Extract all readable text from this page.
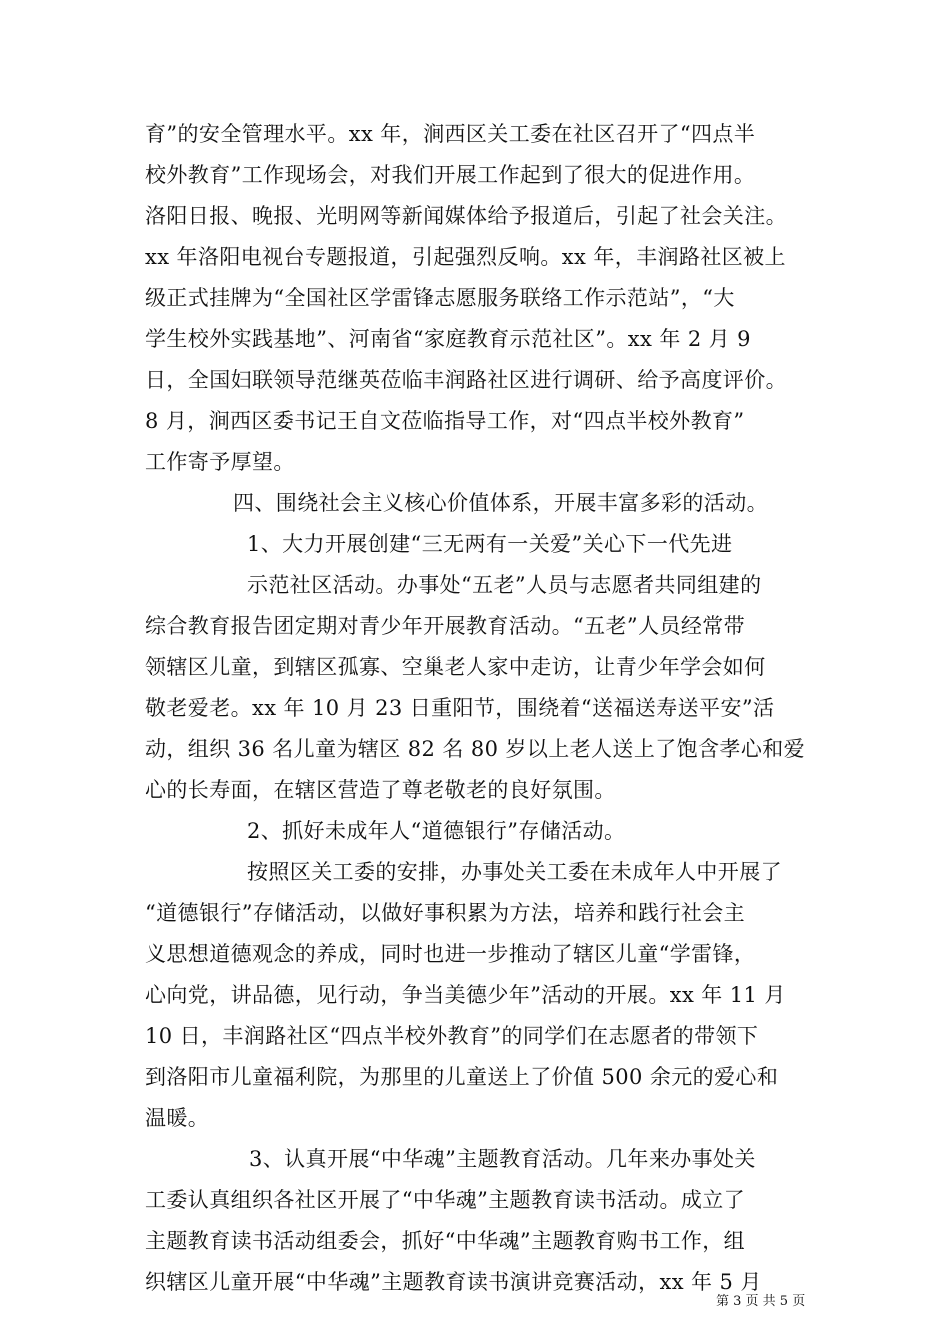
育”的安全管理水平。xx 年，涧西区关工委在社区召开了“四点半
校外教育”工作现场会，对我们开展工作起到了很大的促进作用。
洛阳日报、晚报、光明网等新闻媒体给予报道后，引起了社会关注。
xx 年洛阳电视台专题报道，引起强烈反响。xx 年，丰润路社区被上
级正式挂牌为“全国社区学雷锋志愿服务联络工作示范站”，“大
学生校外实践基地”、河南省“家庭教育示范社区”。xx 年 2 月 9
日，全国妇联领导范继英莅临丰润路社区进行调研、给予高度评价。
8 月，涧西区委书记王自文莅临指导工作，对“四点半校外教育”
工作寄予厚望。
四、围绕社会主义核心价值体系，开展丰富多彩的活动。
1、大力开展创建“三无两有一关爱”关心下一代先进
示范社区活动。办事处“五老”人员与志愿者共同组建的
综合教育报告团定期对青少年开展教育活动。“五老”人员经常带
领辖区儿童，到辖区孤寡、空巢老人家中走访，让青少年学会如何
敬老爱老。xx 年 10 月 23 日重阳节，围绕着“送福送寿送平安”活
动，组织 36 名儿童为辖区 82 名 80 岁以上老人送上了饱含孝心和爱
心的长寿面，在辖区营造了尊老敬老的良好氛围。
2、抓好未成年人“道德银行”存储活动。
按照区关工委的安排，办事处关工委在未成年人中开展了
“道德银行”存储活动，以做好事积累为方法，培养和践行社会主
义思想道德观念的养成，同时也进一步推动了辖区儿童“学雷锋，
心向党，讲品德，见行动，争当美德少年”活动的开展。xx 年 11 月
10 日，丰润路社区“四点半校外教育”的同学们在志愿者的带领下
到洛阳市儿童福利院，为那里的儿童送上了价值 500 余元的爱心和
温暖。
3、认真开展“中华魂”主题教育活动。几年来办事处关
工委认真组织各社区开展了“中华魂”主题教育读书活动。成立了
主题教育读书活动组委会，抓好“中华魂”主题教育购书工作，组
织辖区儿童开展“中华魂”主题教育读书演讲竞赛活动，xx 年 5 月
第 3 页 共 5 页
